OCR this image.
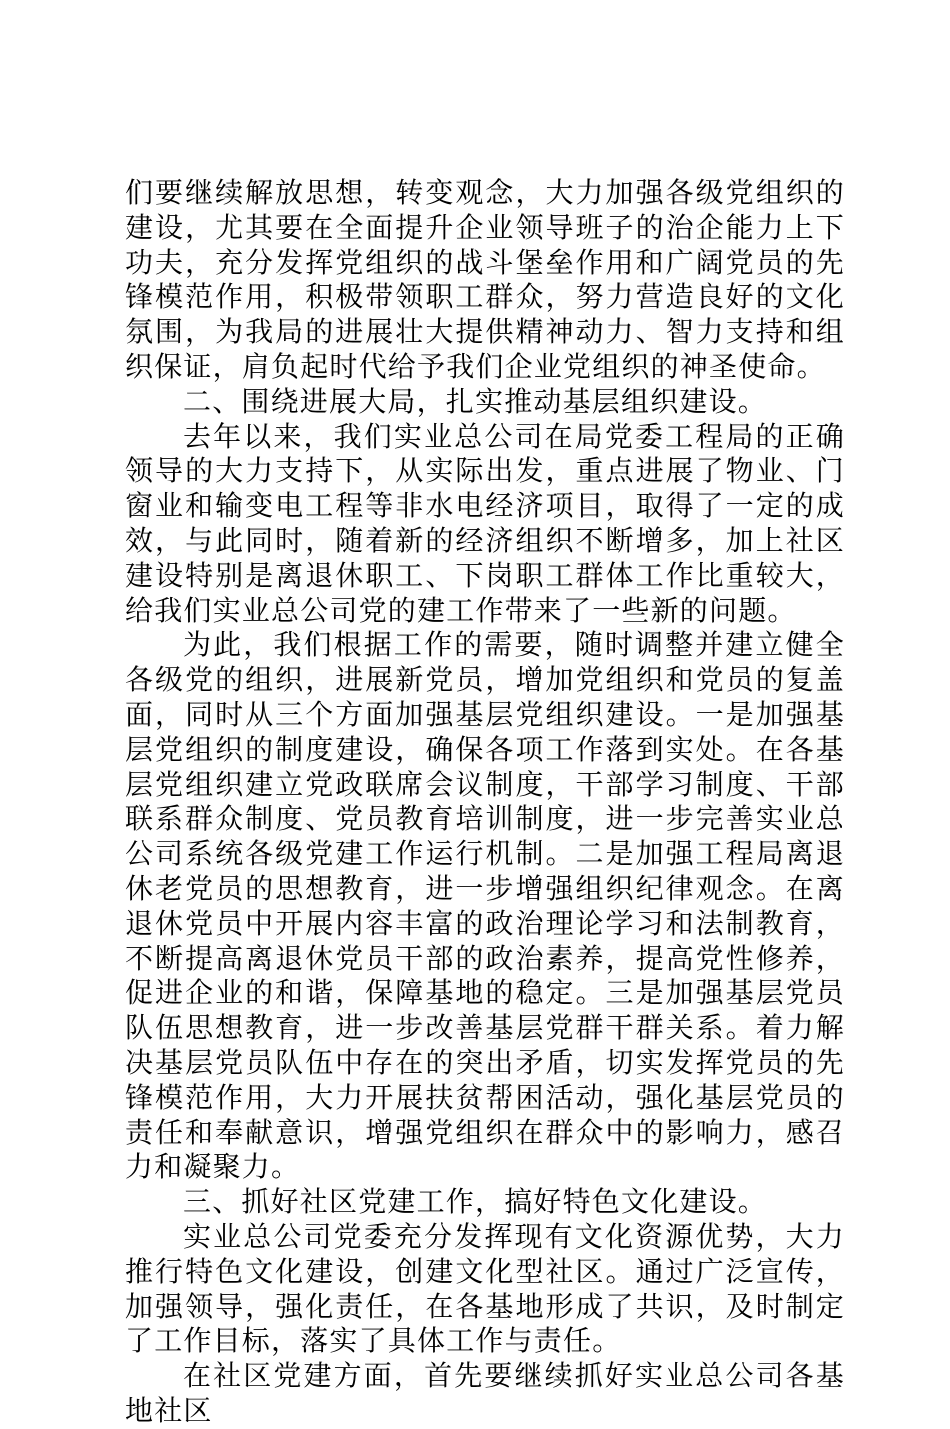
们要继续解放思想，转变观念，大力加强各级党组织的建设，尤其要在全面提升企业领导班子的治企能力上下功夫，充分发挥党组织的战斗堡垒作用和广阔党员的先锋模范作用，积极带领职工群众，努力营造良好的文化氛围，为我局的进展壮大提供精神动力、智力支持和组织保证，肩负起时代给予我们企业党组织的神圣使命。

二、围绕进展大局，扎实推动基层组织建设。

去年以来，我们实业总公司在局党委工程局的正确领导的大力支持下，从实际出发，重点进展了物业、门窗业和输变电工程等非水电经济项目，取得了一定的成效，与此同时，随着新的经济组织不断增多，加上社区建设特别是离退休职工、下岗职工群体工作比重较大，给我们实业总公司党的建工作带来了一些新的问题。

为此，我们根据工作的需要，随时调整并建立健全各级党的组织，进展新党员，增加党组织和党员的复盖面，同时从三个方面加强基层党组织建设。一是加强基层党组织的制度建设，确保各项工作落到实处。在各基层党组织建立党政联席会议制度，干部学习制度、干部联系群众制度、党员教育培训制度，进一步完善实业总公司系统各级党建工作运行机制。二是加强工程局离退休老党员的思想教育，进一步增强组织纪律观念。在离退休党员中开展内容丰富的政治理论学习和法制教育，不断提高离退休党员干部的政治素养，提高党性修养，促进企业的和谐，保障基地的稳定。三是加强基层党员队伍思想教育，进一步改善基层党群干群关系。着力解决基层党员队伍中存在的突出矛盾，切实发挥党员的先锋模范作用，大力开展扶贫帮困活动，强化基层党员的责任和奉献意识，增强党组织在群众中的影响力，感召力和凝聚力。

三、抓好社区党建工作，搞好特色文化建设。

实业总公司党委充分发挥现有文化资源优势，大力推行特色文化建设，创建文化型社区。通过广泛宣传，加强领导，强化责任，在各基地形成了共识，及时制定了工作目标，落实了具体工作与责任。

在社区党建方面，首先要继续抓好实业总公司各基地社区
